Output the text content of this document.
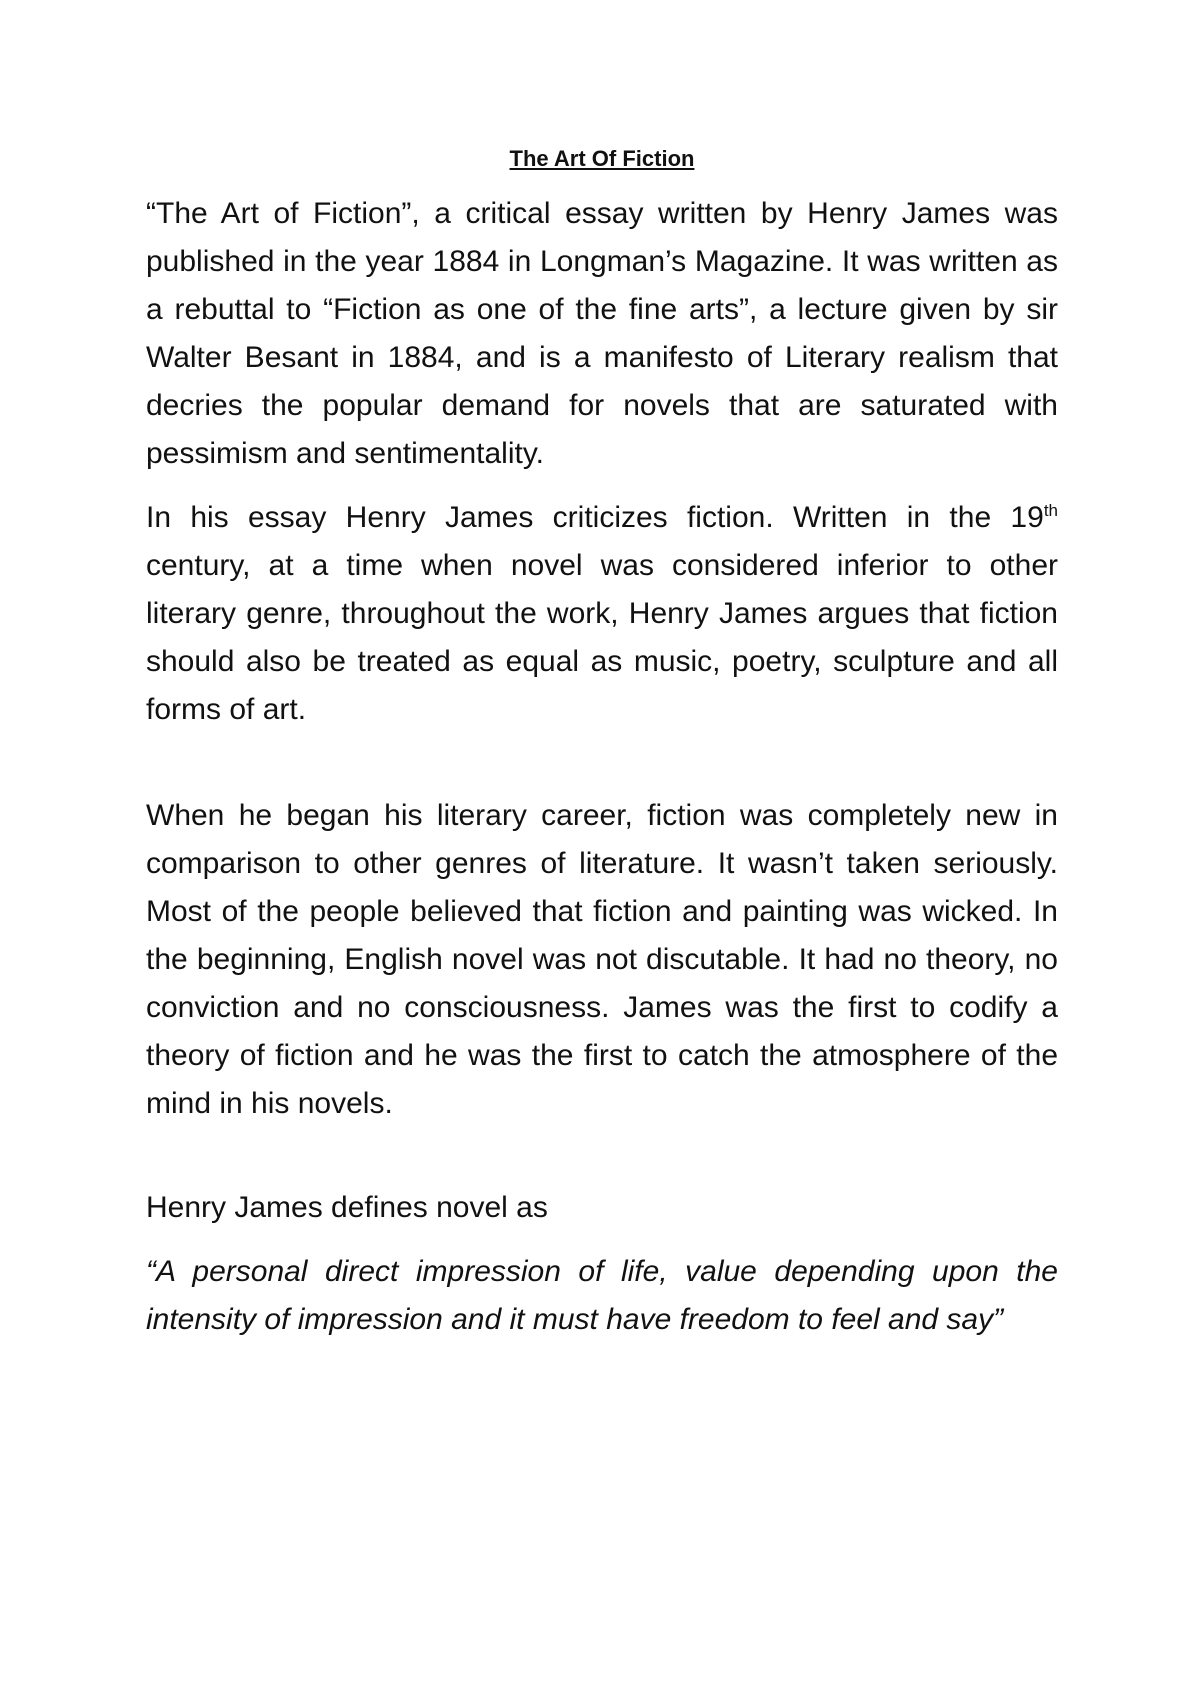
The Art Of Fiction

“The Art of Fiction”, a critical essay written by Henry James was published in the year 1884 in Longman’s Magazine. It was written as a rebuttal to “Fiction as one of the fine arts”, a lecture given by sir Walter Besant in 1884, and is a manifesto of Literary realism that decries the popular demand for novels that are saturated with pessimism and sentimentality.

In his essay Henry James criticizes fiction. Written in the 19th century, at a time when novel was considered inferior to other literary genre, throughout the work, Henry James argues that fiction should also be treated as equal as music, poetry, sculpture and all forms of art.

When he began his literary career, fiction was completely new in comparison to other genres of literature. It wasn’t taken seriously. Most of the people believed that fiction and painting was wicked. In the beginning, English novel was not discutable. It had no theory, no conviction and no consciousness. James was the first to codify a theory of fiction and he was the first to catch the atmosphere of the mind in his novels.

Henry James defines novel as

“A personal direct impression of life, value depending upon the intensity of impression and it must have freedom to feel and say”
